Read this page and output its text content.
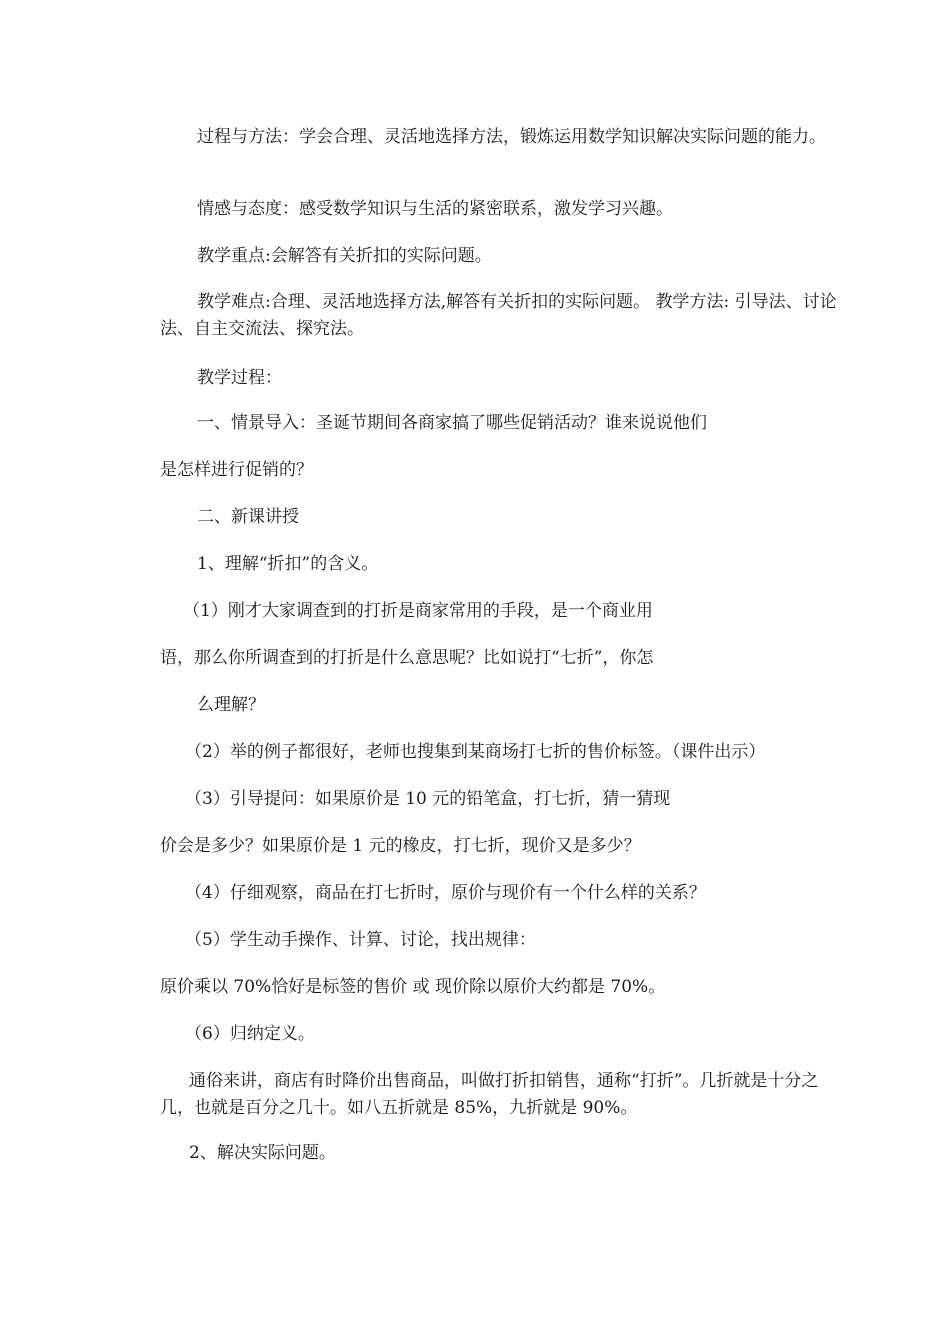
过程与方法：学会合理、灵活地选择方法，锻炼运用数学知识解决实际问题的能力。

情感与态度：感受数学知识与生活的紧密联系，激发学习兴趣。

教学重点:会解答有关折扣的实际问题。

教学难点:合理、灵活地选择方法,解答有关折扣的实际问题。 教学方法: 引导法、讨论法、自主交流法、探究法。

教学过程：

一、情景导入：圣诞节期间各商家搞了哪些促销活动？谁来说说他们

是怎样进行促销的？

二、新课讲授

1、理解“折扣”的含义。

（1）刚才大家调查到的打折是商家常用的手段，是一个商业用

语，那么你所调查到的打折是什么意思呢？比如说打“七折”，你怎

么理解？

（2）举的例子都很好，老师也搜集到某商场打七折的售价标签。（课件出示）

（3）引导提问：如果原价是 10 元的铅笔盒，打七折，猜一猜现

价会是多少？如果原价是 1 元的橡皮，打七折，现价又是多少？

（4）仔细观察，商品在打七折时，原价与现价有一个什么样的关系？

（5）学生动手操作、计算、讨论，找出规律：

原价乘以 70%恰好是标签的售价 或 现价除以原价大约都是 70%。

（6）归纳定义。

通俗来讲，商店有时降价出售商品，叫做打折扣销售，通称“打折”。几折就是十分之几，也就是百分之几十。如八五折就是 85%，九折就是 90%。

2、解决实际问题。
